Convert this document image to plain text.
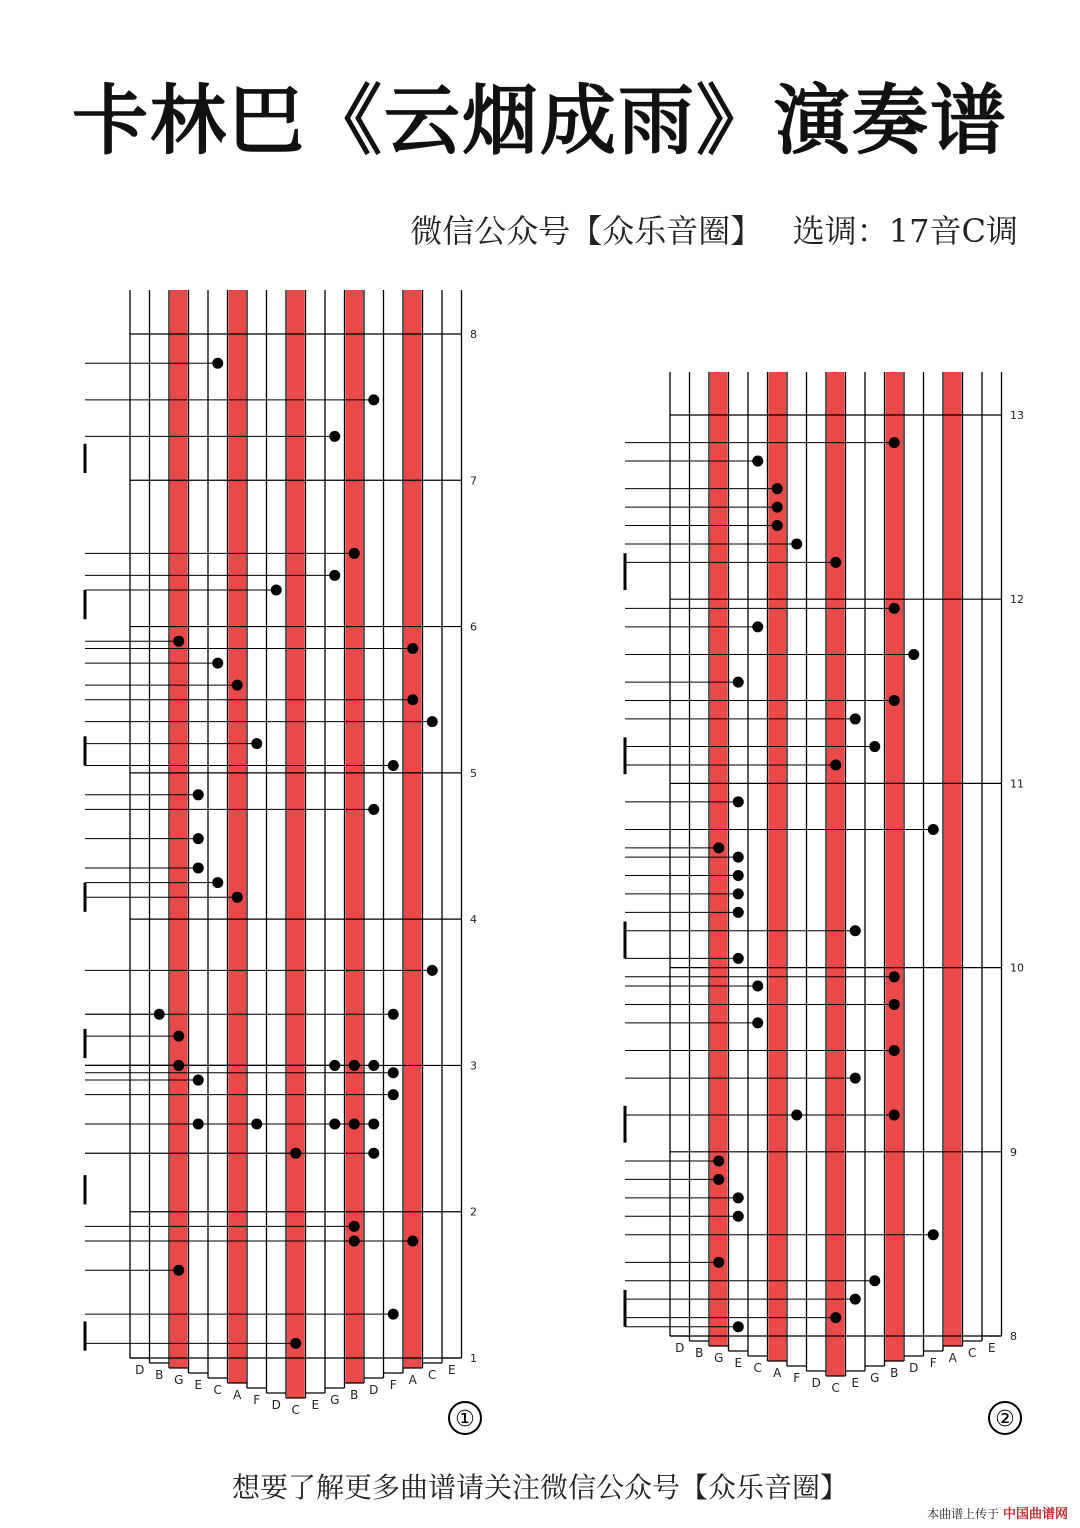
卡林巴《云烟成雨》演奏谱
微信公众号【众乐音圈】   选调：17音C调
D B G E C A F D C E G B D F A C E
1
2
3
4
5
6
7
8
①
D B G E C A F D C E G B D F A C E
8
9
10
11
12
13
②
想要了解更多曲谱请关注微信公众号【众乐音圈】
本曲谱上传于 中国曲谱网
